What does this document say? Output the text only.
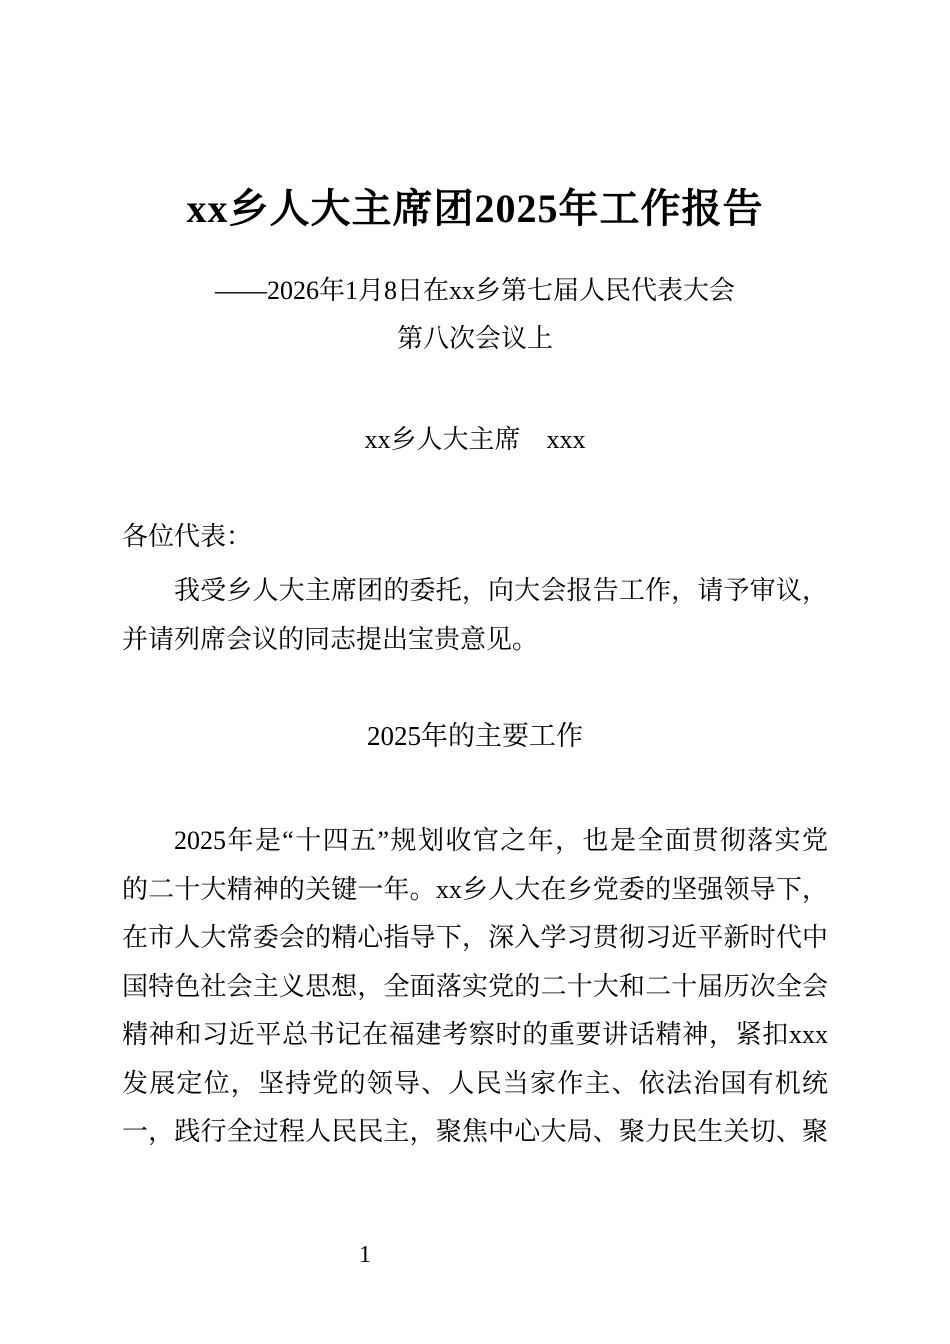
xx乡人大主席团2025年工作报告
——2026年1月8日在xx乡第七届人民代表大会
第八次会议上
xx乡人大主席　xxx
各位代表：
我受乡人大主席团的委托，向大会报告工作，请予审议，
并请列席会议的同志提出宝贵意见。
2025年的主要工作
2025年是“十四五”规划收官之年，也是全面贯彻落实党
的二十大精神的关键一年。xx乡人大在乡党委的坚强领导下，
在市人大常委会的精心指导下，深入学习贯彻习近平新时代中
国特色社会主义思想，全面落实党的二十大和二十届历次全会
精神和习近平总书记在福建考察时的重要讲话精神，紧扣xxx
发展定位，坚持党的领导、人民当家作主、依法治国有机统
一，践行全过程人民民主，聚焦中心大局、聚力民生关切、聚
1
